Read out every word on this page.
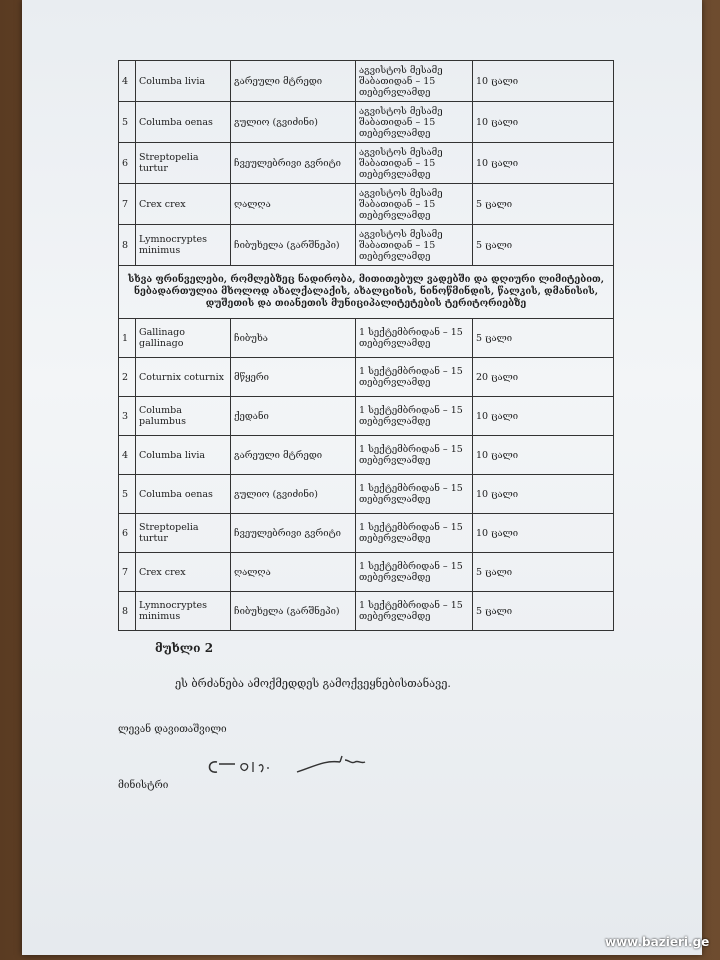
4	Columba livia	გარეული მტრედი	აგვისტოს მესამე შაბათიდან – 15 თებერვლამდე	10 ცალი
5	Columba oenas	გულიო (გვიძინი)	აგვისტოს მესამე შაბათიდან – 15 თებერვლამდე	10 ცალი
6	Streptopelia turtur	ჩვეულებრივი გვრიტი	აგვისტოს მესამე შაბათიდან – 15 თებერვლამდე	10 ცალი
7	Crex crex	ღალღა	აგვისტოს მესამე შაბათიდან – 15 თებერვლამდე	5 ცალი
8	Lymnocryptes minimus	ჩიბუხელა (გარშნეპი)	აგვისტოს მესამე შაბათიდან – 15 თებერვლამდე	5 ცალი
სხვა ფრინველები, რომლებზეც ნადირობა, მითითებულ ვადებში და დღიური ლიმიტებით, ნებადართულია მხოლოდ ახალქალაქის, ახალციხის, ნინოწმინდის, წალკის, დმანისის, დუშეთის და თიანეთის მუნიციპალიტეტების ტერიტორიებზე				
1	Gallinago gallinago	ჩიბუხა	1 სექტემბრიდან – 15 თებერვლამდე	5 ცალი
2	Coturnix coturnix	მწყერი	1 სექტემბრიდან – 15 თებერვლამდე	20 ცალი
3	Columba palumbus	ქედანი	1 სექტემბრიდან – 15 თებერვლამდე	10 ცალი
4	Columba livia	გარეული მტრედი	1 სექტემბრიდან – 15 თებერვლამდე	10 ცალი
5	Columba oenas	გულიო (გვიძინი)	1 სექტემბრიდან – 15 თებერვლამდე	10 ცალი
6	Streptopelia turtur	ჩვეულებრივი გვრიტი	1 სექტემბრიდან – 15 თებერვლამდე	10 ცალი
7	Crex crex	ღალღა	1 სექტემბრიდან – 15 თებერვლამდე	5 ცალი
8	Lymnocryptes minimus	ჩიბუხელა (გარშნეპი)	1 სექტემბრიდან – 15 თებერვლამდე	5 ცალი
მუხლი 2
ეს ბრძანება ამოქმედდეს გამოქვეყნებისთანავე.
ლევან დავითაშვილი
მინისტრი
www.bazieri.ge
